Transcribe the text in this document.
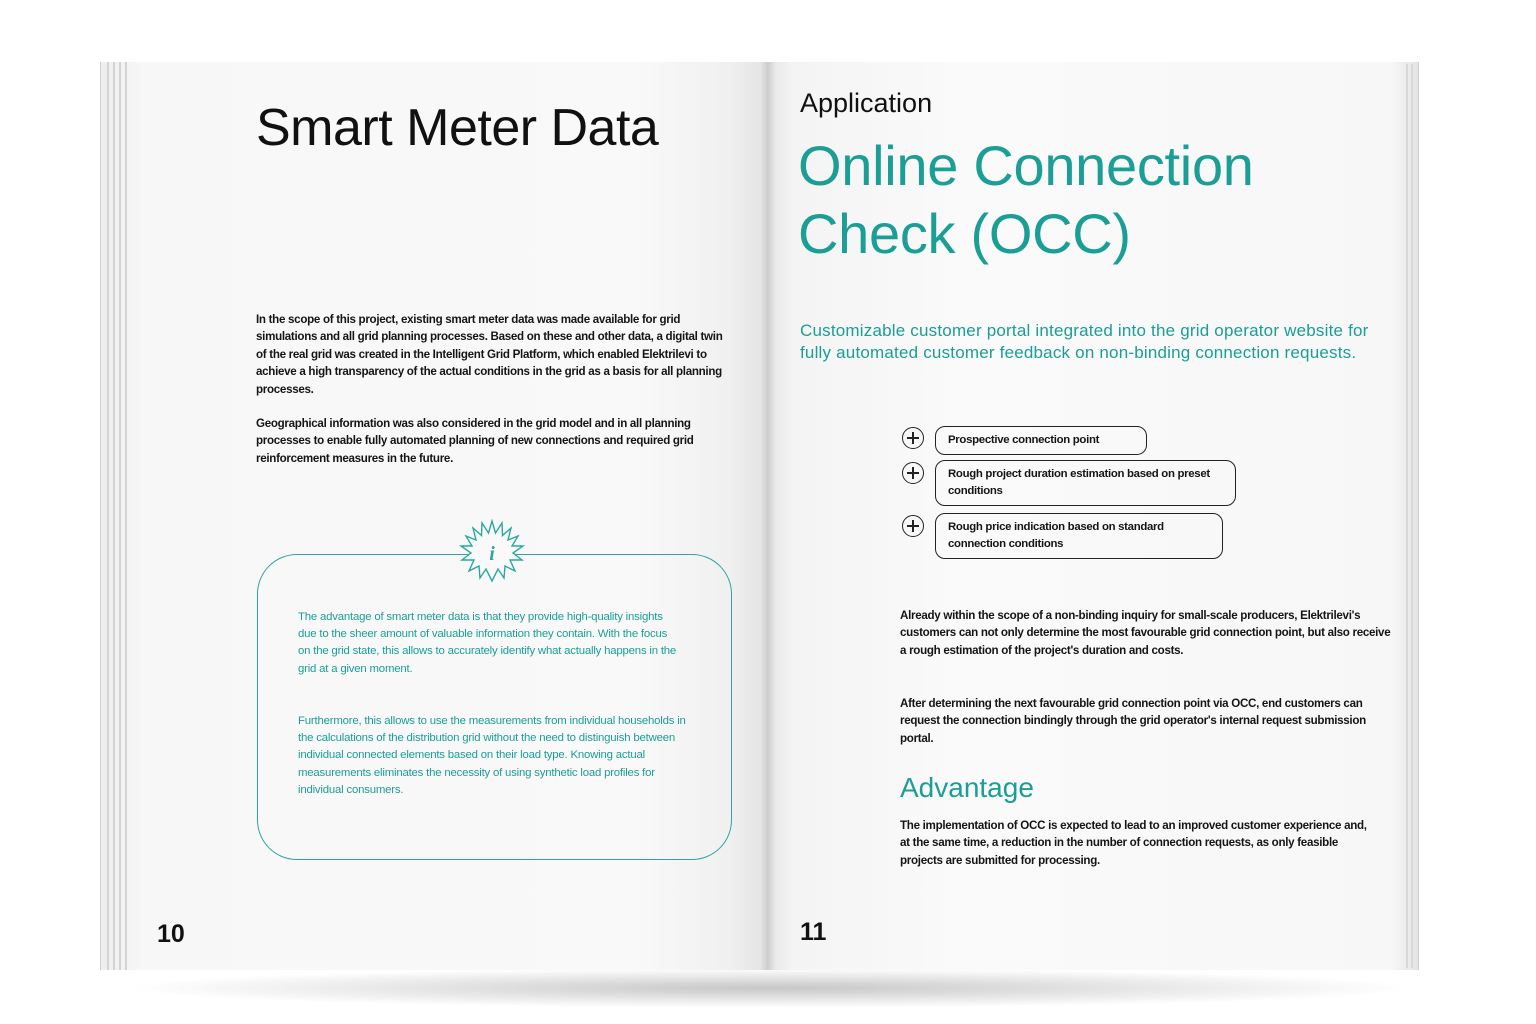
Smart Meter Data
In the scope of this project, existing smart meter data was made available for grid simulations and all grid planning processes. Based on these and other data, a digital twin of the real grid was created in the Intelligent Grid Platform, which enabled Elektrilevi to achieve a high transparency of the actual conditions in the grid as a basis for all planning processes.
Geographical information was also considered in the grid model and in all planning processes to enable fully automated planning of new connections and required grid reinforcement measures in the future.
i
The advantage of smart meter data is that they provide high-quality insights due to the sheer amount of valuable information they contain. With the focus on the grid state, this allows to accurately identify what actually happens in the grid at a given moment.
Furthermore, this allows to use the measurements from individual households in the calculations of the distribution grid without the need to distinguish between individual connected elements based on their load type. Knowing actual measurements eliminates the necessity of using synthetic load profiles for individual consumers.
10
Application
Online Connection Check (OCC)
Customizable customer portal integrated into the grid operator website for fully automated customer feedback on non-binding connection requests.
Prospective connection point
Rough project duration estimation based on preset conditions
Rough price indication based on standard connection conditions
Already within the scope of a non-binding inquiry for small-scale producers, Elektrilevi's customers can not only determine the most favourable grid connection point, but also receive a rough estimation of the project's duration and costs.
After determining the next favourable grid connection point via OCC, end customers can request the connection bindingly through the grid operator's internal request submission portal.
Advantage
The implementation of OCC is expected to lead to an improved customer experience and, at the same time, a reduction in the number of connection requests, as only feasible projects are submitted for processing.
11
